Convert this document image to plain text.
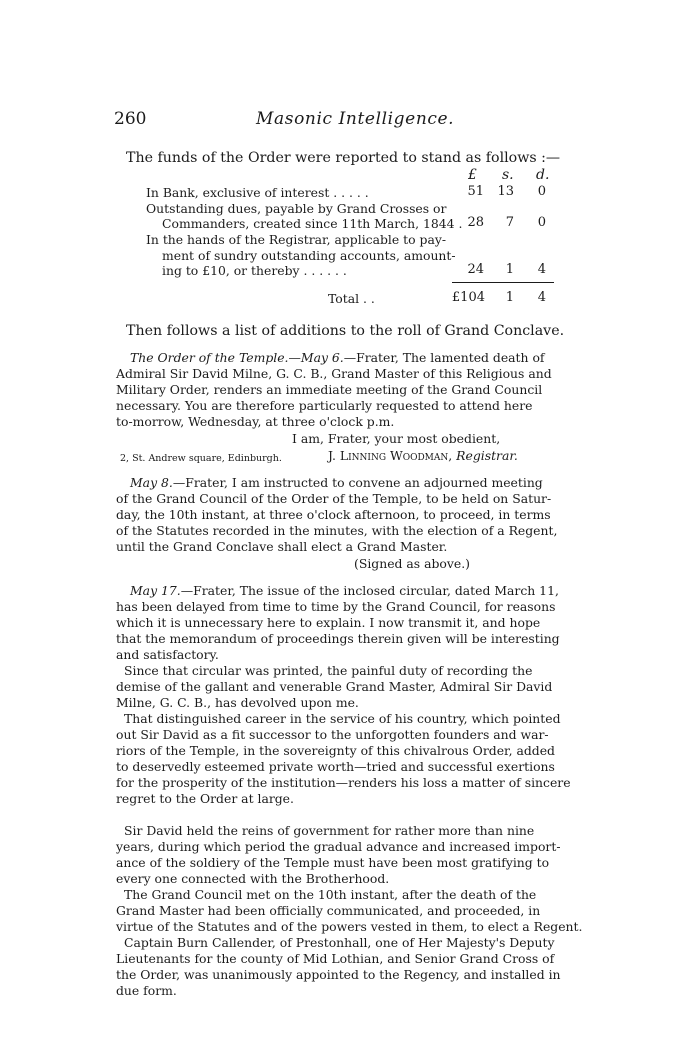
260	Masonic Intelligence.
The funds of the Order were reported to stand as follows :—
£ s. d.
In Bank, exclusive of interest . . . . .	51	13	0
Outstanding dues, payable by Grand Crosses or
Commanders, created since 11th March, 1844 . 28	7	0
In the hands of the Registrar, applicable to pay-
ment of sundry outstanding accounts, amount-
ing to £10, or thereby . . . . . .	24	1	4
Total . .	£104	1	4
Then follows a list of additions to the roll of Grand Conclave.
The Order of the Temple.—May 6.—Frater, The lamented death of
Admiral Sir David Milne, G. C. B., Grand Master of this Religious and
Military Order, renders an immediate meeting of the Grand Council
necessary. You are therefore particularly requested to attend here
to-morrow, Wednesday, at three o'clock p.m.
I am, Frater, your most obedient,
2, St. Andrew square, Edinburgh.	J. Linning Woodman, Registrar.
May 8.—Frater, I am instructed to convene an adjourned meeting
of the Grand Council of the Order of the Temple, to be held on Satur-
day, the 10th instant, at three o'clock afternoon, to proceed, in terms
of the Statutes recorded in the minutes, with the election of a Regent,
until the Grand Conclave shall elect a Grand Master.
(Signed as above.)
May 17.—Frater, The issue of the inclosed circular, dated March 11,
has been delayed from time to time by the Grand Council, for reasons
which it is unnecessary here to explain. I now transmit it, and hope
that the memorandum of proceedings therein given will be interesting
and satisfactory.
Since that circular was printed, the painful duty of recording the
demise of the gallant and venerable Grand Master, Admiral Sir David
Milne, G. C. B., has devolved upon me.
That distinguished career in the service of his country, which pointed
out Sir David as a fit successor to the unforgotten founders and war-
riors of the Temple, in the sovereignty of this chivalrous Order, added
to deservedly esteemed private worth—tried and successful exertions
for the prosperity of the institution—renders his loss a matter of sincere
regret to the Order at large.
Sir David held the reins of government for rather more than nine
years, during which period the gradual advance and increased import-
ance of the soldiery of the Temple must have been most gratifying to
every one connected with the Brotherhood.
The Grand Council met on the 10th instant, after the death of the
Grand Master had been officially communicated, and proceeded, in
virtue of the Statutes and of the powers vested in them, to elect a Regent.
Captain Burn Callender, of Prestonhall, one of Her Majesty's Deputy
Lieutenants for the county of Mid Lothian, and Senior Grand Cross of
the Order, was unanimously appointed to the Regency, and installed in
due form.
